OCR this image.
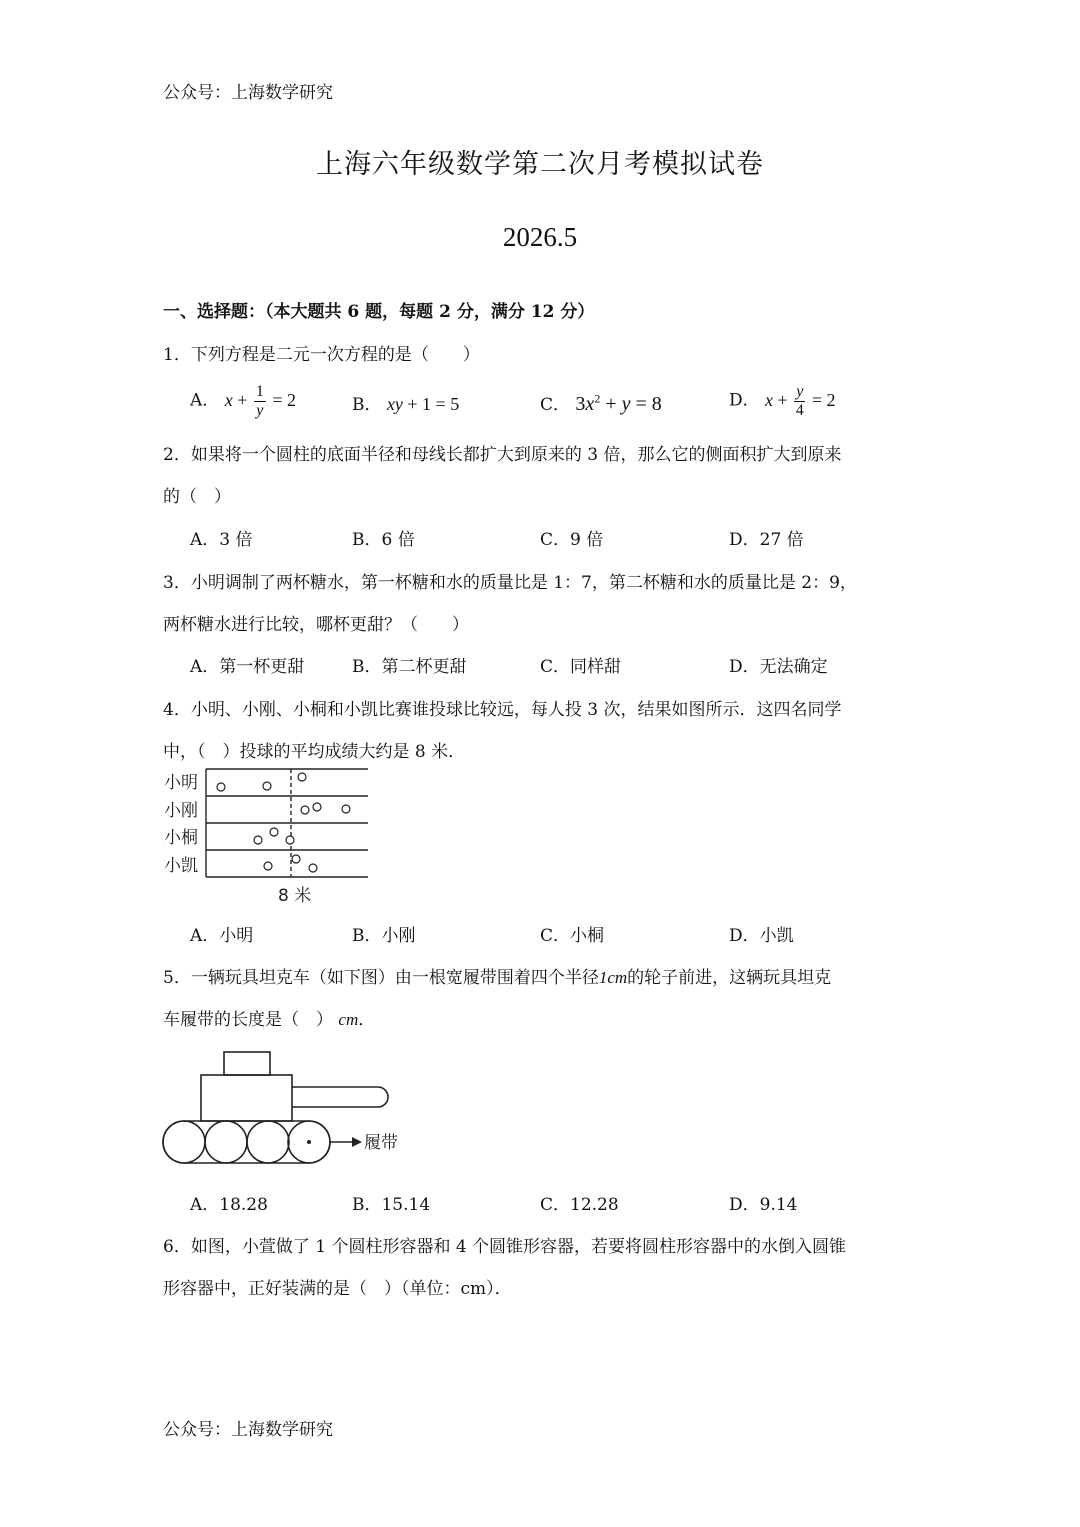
公众号：上海数学研究
上海六年级数学第二次月考模拟试卷
2026.5
一、选择题：（本大题共 6 题，每题 2 分，满分 12 分）
1．下列方程是二元一次方程的是（　　）
A． $x + \frac{1}{y} = 2$	B． xy + 1 = 5	C． $3x^2 + y = 8$	D． $x + \frac{y}{4} = 2$
2．如果将一个圆柱的底面半径和母线长都扩大到原来的 3 倍，那么它的侧面积扩大到原来
的（　）
A．3 倍	B．6 倍	C．9 倍	D．27 倍
3．小明调制了两杯糖水，第一杯糖和水的质量比是 1：7，第二杯糖和水的质量比是 2：9，
两杯糖水进行比较，哪杯更甜？（　　）
A．第一杯更甜	B．第二杯更甜	C．同样甜	D．无法确定
4．小明、小刚、小桐和小凯比赛谁投球比较远，每人投 3 次，结果如图所示．这四名同学
中，（　）投球的平均成绩大约是 8 米．
小明
小刚
小桐
小凯
8 米
A．小明	B．小刚	C．小桐	D．小凯
5．一辆玩具坦克车（如下图）由一根宽履带围着四个半径1cm的轮子前进，这辆玩具坦克
车履带的长度是（　） cm．
履带
A．18.28	B．15.14	C．12.28	D．9.14
6．如图，小萱做了 1 个圆柱形容器和 4 个圆锥形容器，若要将圆柱形容器中的水倒入圆锥
形容器中，正好装满的是（　）（单位：cm）．
公众号：上海数学研究
